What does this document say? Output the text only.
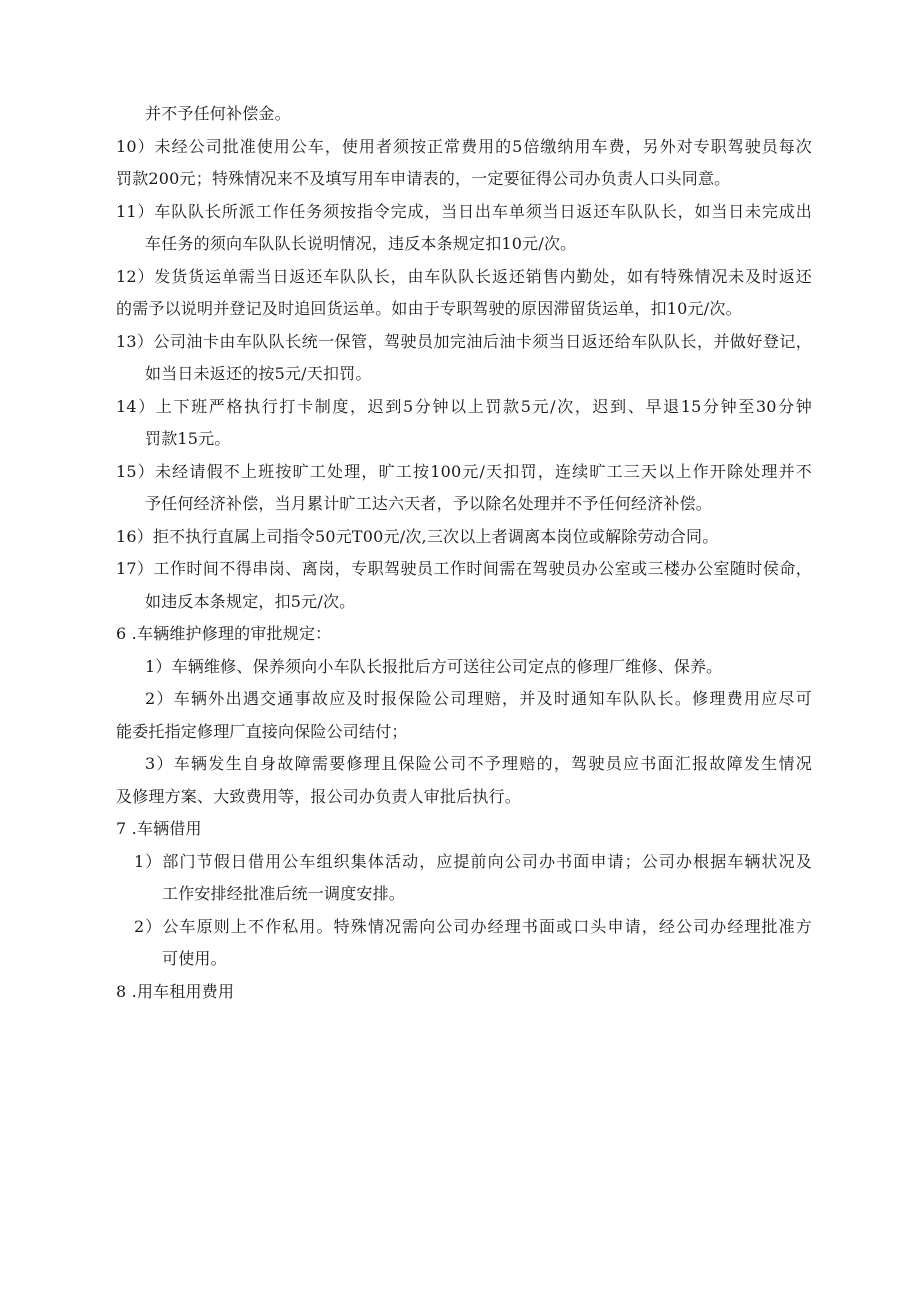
并不予任何补偿金。
10）未经公司批准使用公车，使用者须按正常费用的5倍缴纳用车费，另外对专职驾驶员每次
罚款200元；特殊情况来不及填写用车申请表的，一定要征得公司办负责人口头同意。
11）车队队长所派工作任务须按指令完成，当日出车单须当日返还车队队长，如当日未完成出
车任务的须向车队队长说明情况，违反本条规定扣10元/次。
12）发货货运单需当日返还车队队长，由车队队长返还销售内勤处，如有特殊情况未及时返还
的需予以说明并登记及时追回货运单。如由于专职驾驶的原因滞留货运单，扣10元/次。
13）公司油卡由车队队长统一保管，驾驶员加完油后油卡须当日返还给车队队长，并做好登记，
如当日未返还的按5元/天扣罚。
14）上下班严格执行打卡制度，迟到5分钟以上罚款5元/次，迟到、早退15分钟至30分钟
罚款15元。
15）未经请假不上班按旷工处理，旷工按100元/天扣罚，连续旷工三天以上作开除处理并不
予任何经济补偿，当月累计旷工达六天者，予以除名处理并不予任何经济补偿。
16）拒不执行直属上司指令50元T00元/次,三次以上者调离本岗位或解除劳动合同。
17）工作时间不得串岗、离岗，专职驾驶员工作时间需在驾驶员办公室或三楼办公室随时侯命，
如违反本条规定，扣5元/次。
6 .车辆维护修理的审批规定：
1）车辆维修、保养须向小车队长报批后方可送往公司定点的修理厂维修、保养。
2）车辆外出遇交通事故应及时报保险公司理赔，并及时通知车队队长。修理费用应尽可
能委托指定修理厂直接向保险公司结付；
3）车辆发生自身故障需要修理且保险公司不予理赔的，驾驶员应书面汇报故障发生情况
及修理方案、大致费用等，报公司办负责人审批后执行。
7 .车辆借用
1）部门节假日借用公车组织集体活动，应提前向公司办书面申请；公司办根据车辆状况及
工作安排经批准后统一调度安排。
2）公车原则上不作私用。特殊情况需向公司办经理书面或口头申请，经公司办经理批准方
可使用。
8 .用车租用费用
